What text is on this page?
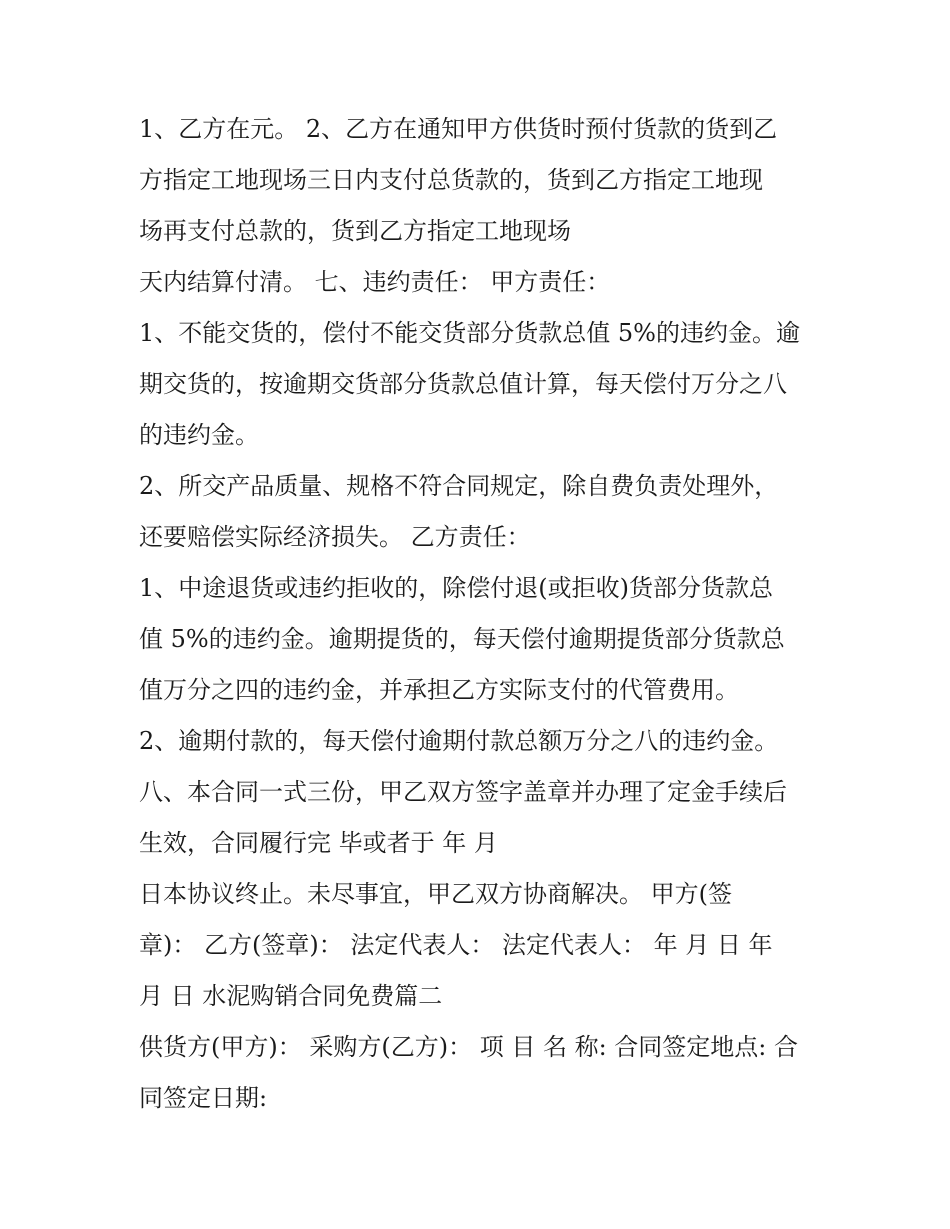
1、乙方在元。 2、乙方在通知甲方供货时预付货款的货到乙
方指定工地现场三日内支付总货款的，货到乙方指定工地现
场再支付总款的，货到乙方指定工地现场
天内结算付清。 七、违约责任： 甲方责任：
1、不能交货的，偿付不能交货部分货款总值 5%的违约金。逾
期交货的，按逾期交货部分货款总值计算，每天偿付万分之八
的违约金。
2、所交产品质量、规格不符合同规定，除自费负责处理外，
还要赔偿实际经济损失。 乙方责任：
1、中途退货或违约拒收的，除偿付退(或拒收)货部分货款总
值 5%的违约金。逾期提货的，每天偿付逾期提货部分货款总
值万分之四的违约金，并承担乙方实际支付的代管费用。
2、逾期付款的，每天偿付逾期付款总额万分之八的违约金。
八、本合同一式三份，甲乙双方签字盖章并办理了定金手续后
生效，合同履行完 毕或者于 年 月
日本协议终止。未尽事宜，甲乙双方协商解决。 甲方(签
章)： 乙方(签章)： 法定代表人： 法定代表人： 年 月 日 年
月 日 水泥购销合同免费篇二
供货方(甲方)： 采购方(乙方)： 项 目 名 称: 合同签定地点: 合
同签定日期:
